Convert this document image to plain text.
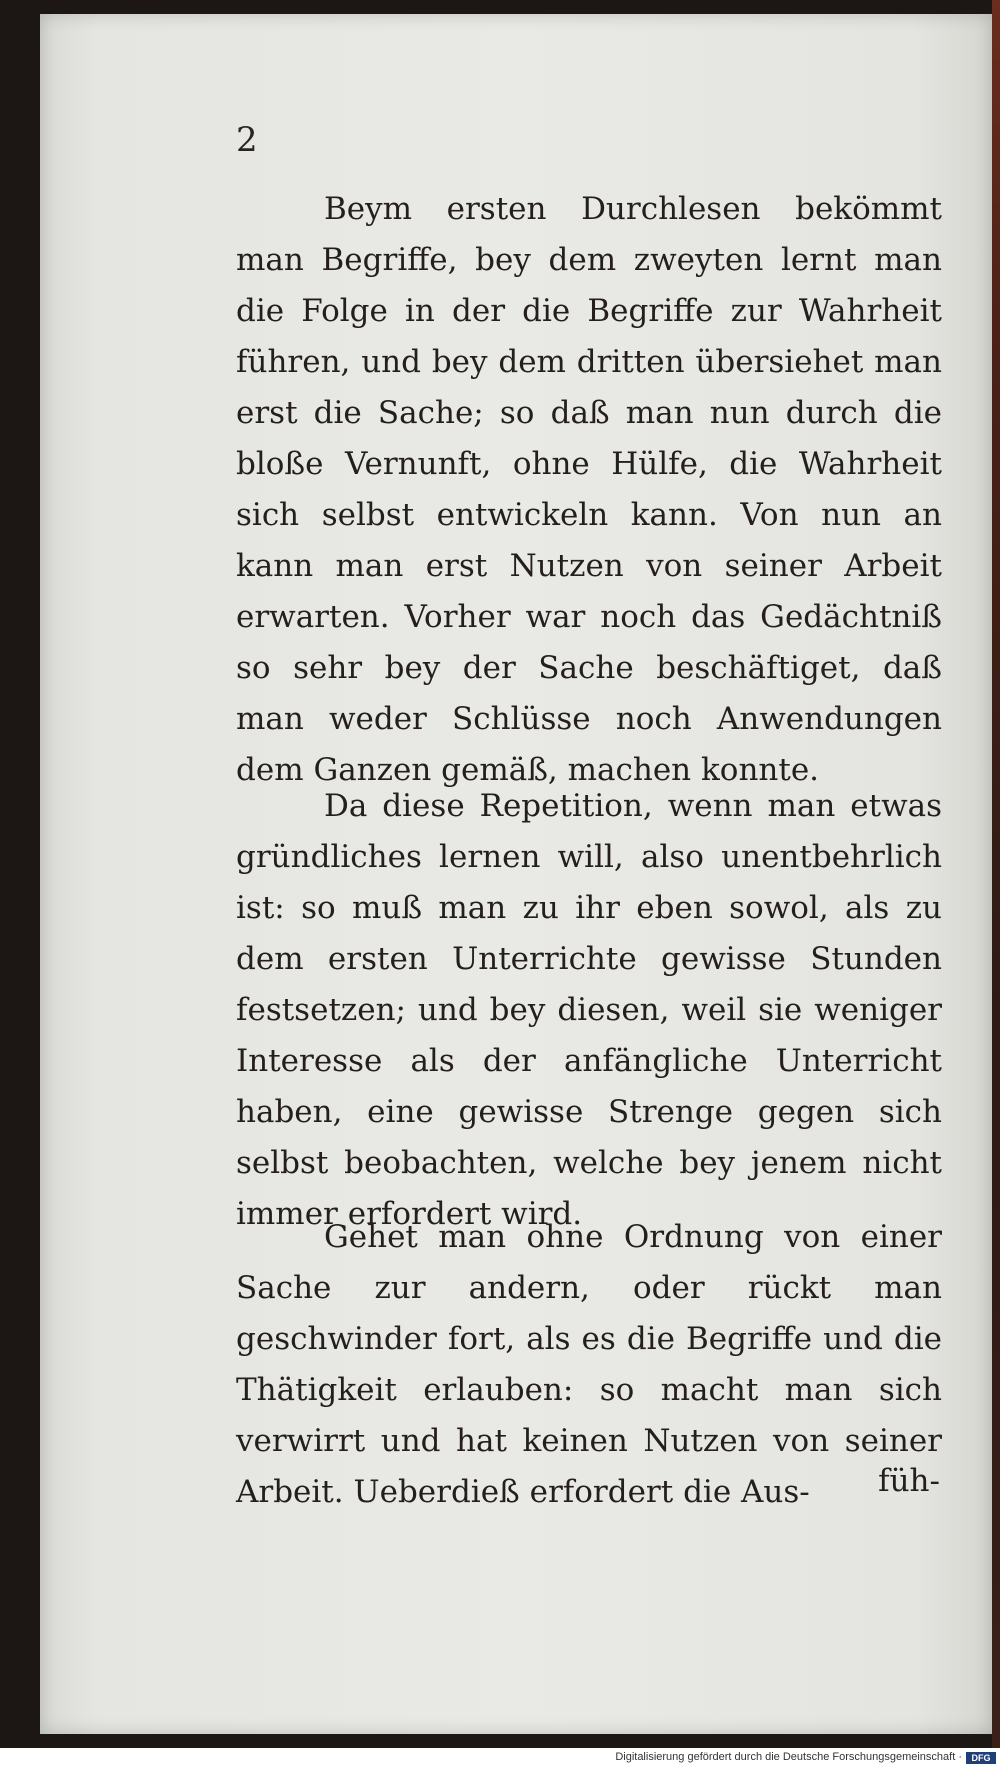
2

Beym ersten Durchlesen bekömmt man Begriffe, bey dem zweyten lernt man die Folge in der die Begriffe zur Wahrheit führen, und bey dem dritten übersiehet man erst die Sache; so daß man nun durch die bloße Vernunft, ohne Hülfe, die Wahrheit sich selbst entwickeln kann. Von nun an kann man erst Nutzen von seiner Arbeit erwarten. Vorher war noch das Gedächtniß so sehr bey der Sache beschäftiget, daß man weder Schlüsse noch Anwendungen dem Ganzen gemäß, machen konnte.

Da diese Repetition, wenn man etwas gründliches lernen will, also unentbehrlich ist: so muß man zu ihr eben sowol, als zu dem ersten Unterrichte gewisse Stunden festsetzen; und bey diesen, weil sie weniger Interesse als der anfängliche Unterricht haben, eine gewisse Strenge gegen sich selbst beobachten, welche bey jenem nicht immer erfordert wird.

Gehet man ohne Ordnung von einer Sache zur andern, oder rückt man geschwinder fort, als es die Begriffe und die Thätigkeit erlauben: so macht man sich verwirrt und hat keinen Nutzen von seiner Arbeit. Ueberdieß erfordert die Aus-	füh-
Digitalisierung gefördert durch die Deutsche Forschungsgemeinschaft ·	DFG
